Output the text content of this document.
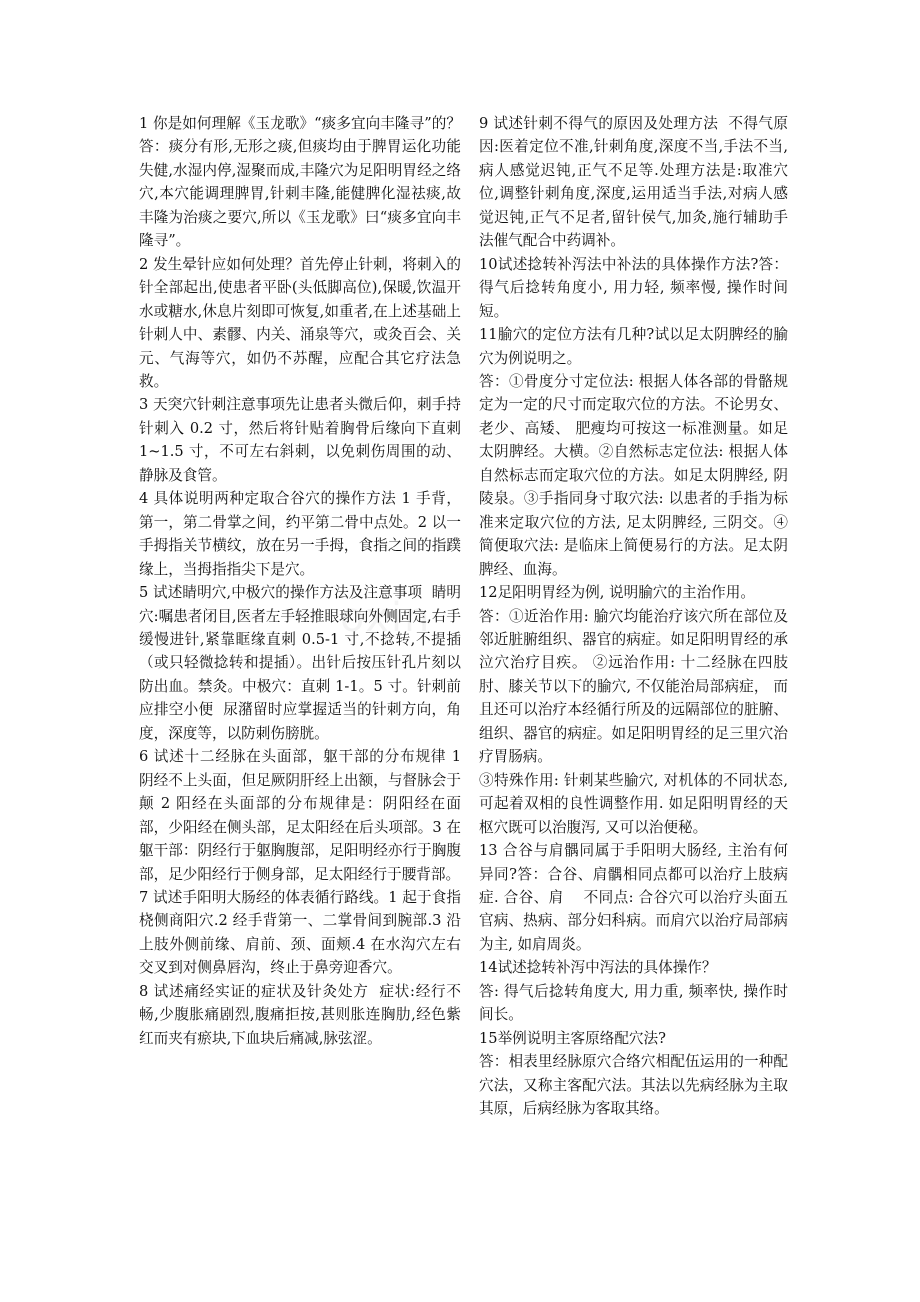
1 你是如何理解《玉龙歌》“痰多宜向丰隆寻”的？答：痰分有形,无形之痰,但痰均由于脾胃运化功能失健,水湿内停,湿聚而成,丰隆穴为足阳明胃经之络穴,本穴能调理脾胃,针刺丰隆,能健脾化湿祛痰,故丰隆为治痰之要穴,所以《玉龙歌》曰“痰多宜向丰隆寻”。

2 发生晕针应如何处理？首先停止针刺，将刺入的针全部起出,使患者平卧(头低脚高位),保暖,饮温开水或糖水,休息片刻即可恢复,如重者,在上述基础上针刺人中、素髎、内关、涌泉等穴，或灸百会、关元、气海等穴，如仍不苏醒，应配合其它疗法急救。

3 天突穴针刺注意事项先让患者头微后仰，刺手持针刺入 0.2 寸，然后将针贴着胸骨后缘向下直刺 1~1.5 寸，不可左右斜刺，以免刺伤周围的动、静脉及食管。

4 具体说明两种定取合谷穴的操作方法 1 手背，第一，第二骨掌之间，约平第二骨中点处。2 以一手拇指关节横纹，放在另一手拇，食指之间的指蹼缘上，当拇指指尖下是穴。

5 试述睛明穴,中极穴的操作方法及注意事项  睛明穴:嘱患者闭目,医者左手轻推眼球向外侧固定,右手缓慢进针,紧靠眶缘直刺 0.5-1 寸,不捻转,不提插（或只轻微捻转和提插）。出针后按压针孔片刻以防出血。禁灸。中极穴：直刺 1-1。5 寸。针刺前应排空小便  尿潴留时应掌握适当的针刺方向，角度，深度等，以防刺伤膀胱。

6 试述十二经脉在头面部，躯干部的分布规律 1 阴经不上头面，但足厥阴肝经上出额，与督脉会于颠 2 阳经在头面部的分布规律是：阴阳经在面部，少阳经在侧头部，足太阳经在后头项部。3 在躯干部：阴经行于躯胸腹部，足阳明经亦行于胸腹部，足少阳经行于侧身部，足太阳经行于腰背部。

7 试述手阳明大肠经的体表循行路线。1 起于食指桡侧商阳穴.2 经手背第一、二掌骨间到腕部.3 沿上肢外侧前缘、肩前、颈、面颊.4 在水沟穴左右交叉到对侧鼻唇沟，终止于鼻旁迎香穴。

8 试述痛经实证的症状及针灸处方  症状:经行不畅,少腹胀痛剧烈,腹痛拒按,甚则胀连胸肋,经色紫红而夹有瘀块,下血块后痛减,脉弦涩。

9 试述针刺不得气的原因及处理方法  不得气原因:医着定位不准,针刺角度,深度不当,手法不当,病人感觉迟钝,正气不足等.处理方法是:取准穴位,调整针刺角度,深度,运用适当手法,对病人感觉迟钝,正气不足者,留针侯气,加灸,施行辅助手法催气配合中药调补。

10试述捻转补泻法中补法的具体操作方法?答：得气后捻转角度小, 用力轻, 频率慢, 操作时间短。

11腧穴的定位方法有几种?试以足太阴脾经的腧穴为例说明之。

答：①骨度分寸定位法: 根据人体各部的骨骼规定为一定的尺寸而定取穴位的方法。不论男女、老少、高矮、 肥瘦均可按这一标准测量。如足太阴脾经。大横。②自然标志定位法: 根据人体自然标志而定取穴位的方法。如足太阴脾经, 阴陵泉。③手指同身寸取穴法: 以患者的手指为标准来定取穴位的方法, 足太阴脾经, 三阴交。④简便取穴法: 是临床上简便易行的方法。足太阴脾经、血海。

12足阳明胃经为例, 说明腧穴的主治作用。

答：①近治作用: 腧穴均能治疗该穴所在部位及邻近脏腑组织、器官的病症。如足阳明胃经的承泣穴治疗目疾。 ②远治作用: 十二经脉在四肢肘、膝关节以下的腧穴, 不仅能治局部病症， 而且还可以治疗本经循行所及的远隔部位的脏腑、组织、器官的病症。如足阳明胃经的足三里穴治疗胃肠病。

③特殊作用: 针刺某些腧穴, 对机体的不同状态, 可起着双相的良性调整作用. 如足阳明胃经的天枢穴既可以治腹泻, 又可以治便秘。

13 合谷与肩髃同属于手阳明大肠经, 主治有何异同?答：合谷、肩髃相同点都可以治疗上肢病症. 合谷、肩    不同点: 合谷穴可以治疗头面五官病、热病、部分妇科病。而肩穴以治疗局部病为主, 如肩周炎。

14试述捻转补泻中泻法的具体操作？

答: 得气后捻转角度大, 用力重, 频率快, 操作时间长。

15举例说明主客原络配穴法?

答：相表里经脉原穴合络穴相配伍运用的一种配穴法，又称主客配穴法。其法以先病经脉为主取其原，后病经脉为客取其络。
